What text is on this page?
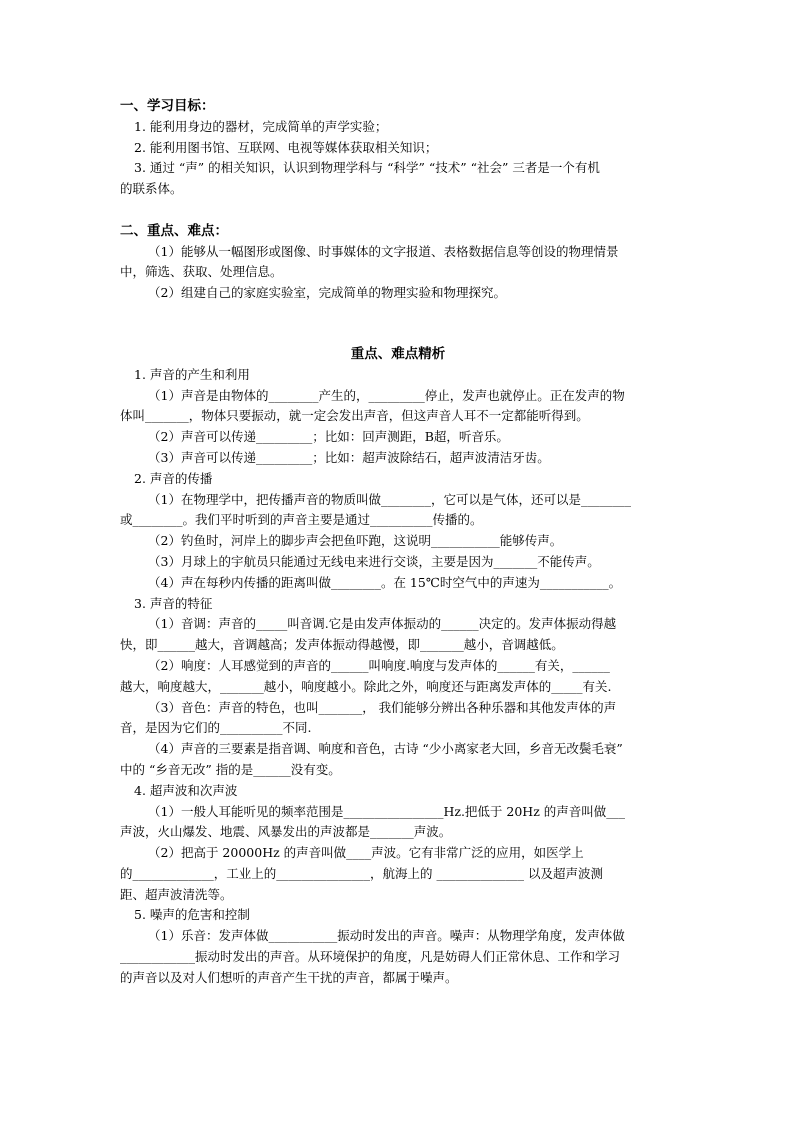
一、学习目标：
1. 能利用身边的器材，完成简单的声学实验；
2. 能利用图书馆、互联网、电视等媒体获取相关知识；
3. 通过 “声” 的相关知识，认识到物理学科与 “科学” “技术” “社会” 三者是一个有机
的联系体。
二、重点、难点：
（1）能够从一幅图形或图像、时事媒体的文字报道、表格数据信息等创设的物理情景
中，筛选、获取、处理信息。
（2）组建自己的家庭实验室，完成简单的物理实验和物理探究。
重点、难点精析
1. 声音的产生和利用
（1）声音是由物体的________产生的，_________停止，发声也就停止。正在发声的物
体叫_______，物体只要振动，就一定会发出声音，但这声音人耳不一定都能听得到。
（2）声音可以传递_________；比如：回声测距，B超，听音乐。
（3）声音可以传递_________；比如：超声波除结石，超声波清洁牙齿。
2. 声音的传播
（1）在物理学中，把传播声音的物质叫做________，它可以是气体，还可以是________
或________。我们平时听到的声音主要是通过__________传播的。
（2）钓鱼时，河岸上的脚步声会把鱼吓跑，这说明___________能够传声。
（3）月球上的宇航员只能通过无线电来进行交谈，主要是因为_______不能传声。
（4）声在每秒内传播的距离叫做________。在 15℃时空气中的声速为___________。
3. 声音的特征
（1）音调：声音的_____叫音调.它是由发声体振动的______决定的。发声体振动得越
快，即______越大，音调越高；发声体振动得越慢，即_______越小，音调越低。
（2）响度：人耳感觉到的声音的______叫响度.响度与发声体的______有关，______
越大，响度越大，_______越小，响度越小。除此之外，响度还与距离发声体的_____有关.
（3）音色：声音的特色，也叫_______， 我们能够分辨出各种乐器和其他发声体的声
音，是因为它们的__________不同.
（4）声音的三要素是指音调、响度和音色，古诗 “少小离家老大回，乡音无改鬓毛衰”
中的 “乡音无改” 指的是______没有变。
4. 超声波和次声波
（1）一般人耳能听见的频率范围是________________Hz.把低于 20Hz 的声音叫做___
声波，火山爆发、地震、风暴发出的声波都是_______声波。
（2）把高于 20000Hz 的声音叫做____声波。它有非常广泛的应用，如医学上
的_____________，工业上的_______________，航海上的 ______________ 以及超声波测
距、超声波清洗等。
5. 噪声的危害和控制
（1）乐音：发声体做___________振动时发出的声音。噪声：从物理学角度，发声体做
____________振动时发出的声音。从环境保护的角度，凡是妨碍人们正常休息、工作和学习
的声音以及对人们想听的声音产生干扰的声音，都属于噪声。
